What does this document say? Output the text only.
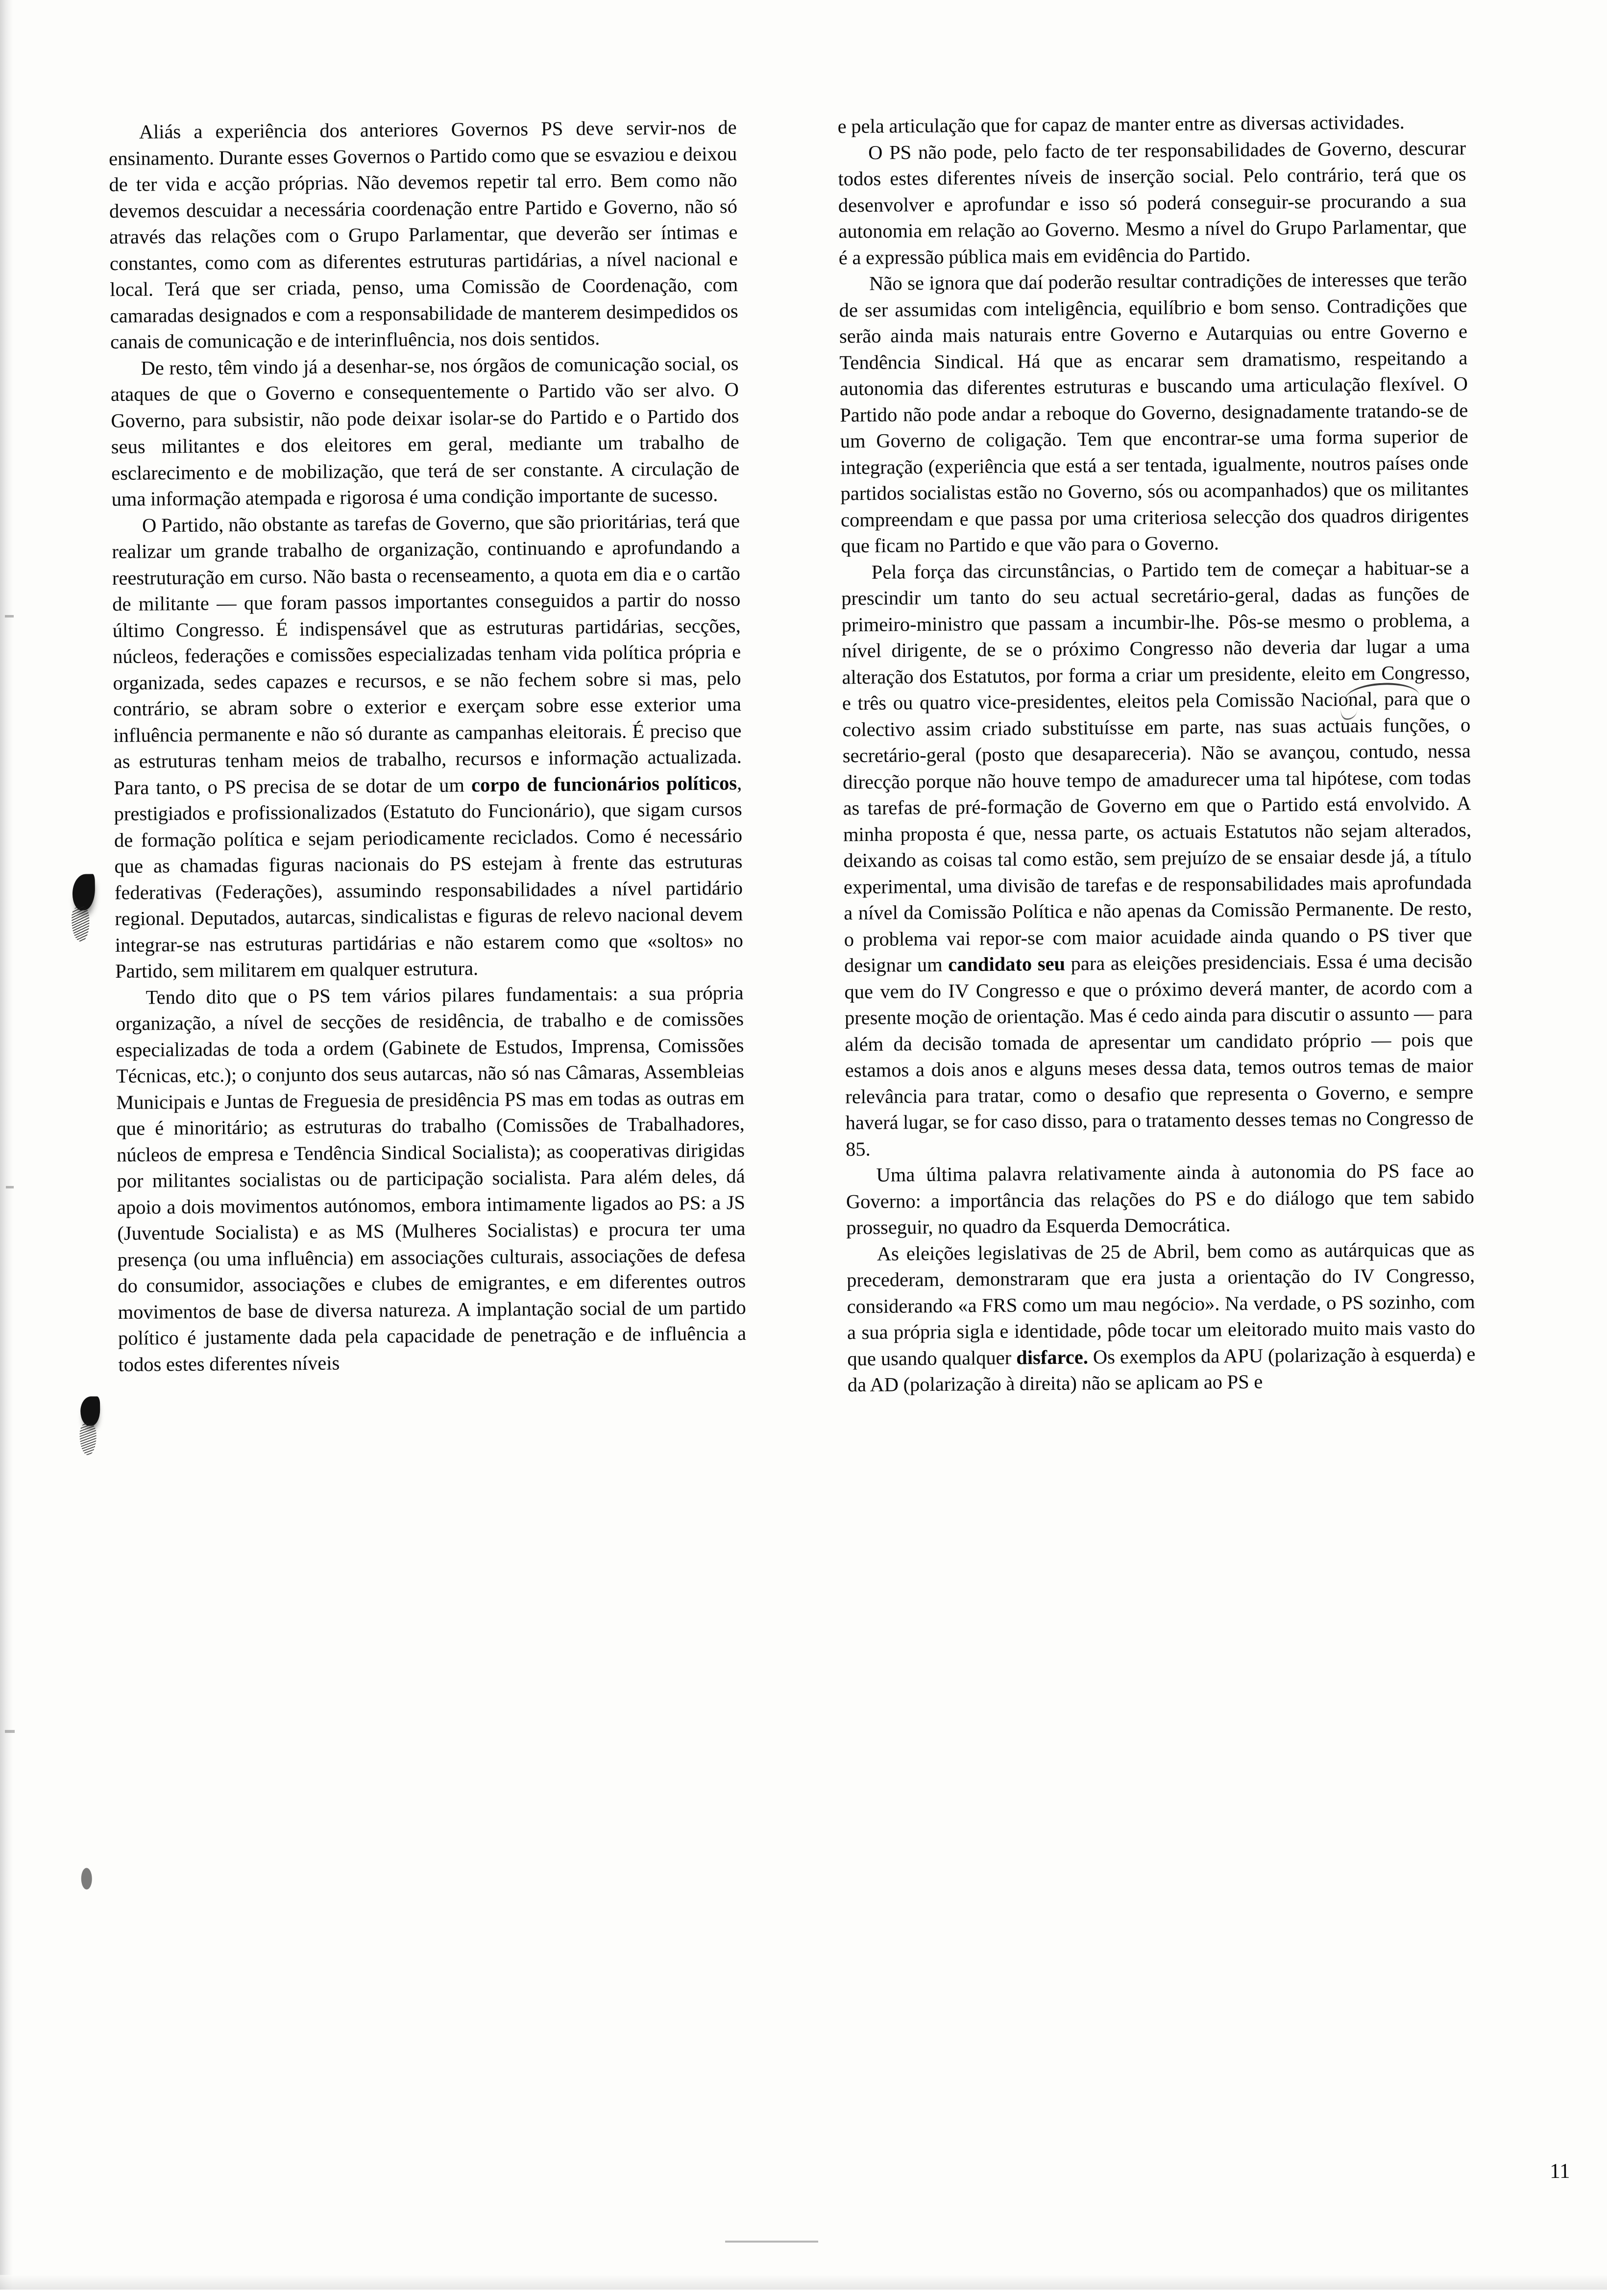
Aliás a experiência dos anteriores Governos PS deve servir-nos de ensinamento. Durante esses Governos o Partido como que se esvaziou e deixou de ter vida e acção próprias. Não devemos repetir tal erro. Bem como não devemos descuidar a necessária coordenação entre Partido e Governo, não só através das relações com o Grupo Parlamentar, que deverão ser íntimas e constantes, como com as diferentes estruturas partidárias, a nível nacional e local. Terá que ser criada, penso, uma Comissão de Coordenação, com camaradas designados e com a responsabilidade de manterem desimpedidos os canais de comunicação e de interinfluência, nos dois sentidos.

De resto, têm vindo já a desenhar-se, nos órgãos de comunicação social, os ataques de que o Governo e consequentemente o Partido vão ser alvo. O Governo, para subsistir, não pode deixar isolar-se do Partido e o Partido dos seus militantes e dos eleitores em geral, mediante um trabalho de esclarecimento e de mobilização, que terá de ser constante. A circulação de uma informação atempada e rigorosa é uma condição importante de sucesso.

O Partido, não obstante as tarefas de Governo, que são prioritárias, terá que realizar um grande trabalho de organização, continuando e aprofundando a reestruturação em curso. Não basta o recenseamento, a quota em dia e o cartão de militante — que foram passos importantes conseguidos a partir do nosso último Congresso. É indispensável que as estruturas partidárias, secções, núcleos, federações e comissões especializadas tenham vida política própria e organizada, sedes capazes e recursos, e se não fechem sobre si mas, pelo contrário, se abram sobre o exterior e exerçam sobre esse exterior uma influência permanente e não só durante as campanhas eleitorais. É preciso que as estruturas tenham meios de trabalho, recursos e informação actualizada. Para tanto, o PS precisa de se dotar de um corpo de funcionários políticos, prestigiados e profissionalizados (Estatuto do Funcionário), que sigam cursos de formação política e sejam periodicamente reciclados. Como é necessário que as chamadas figuras nacionais do PS estejam à frente das estruturas federativas (Federações), assumindo responsabilidades a nível partidário regional. Deputados, autarcas, sindicalistas e figuras de relevo nacional devem integrar-se nas estruturas partidárias e não estarem como que «soltos» no Partido, sem militarem em qualquer estrutura.

Tendo dito que o PS tem vários pilares fundamentais: a sua própria organização, a nível de secções de residência, de trabalho e de comissões especializadas de toda a ordem (Gabinete de Estudos, Imprensa, Comissões Técnicas, etc.); o conjunto dos seus autarcas, não só nas Câmaras, Assembleias Municipais e Juntas de Freguesia de presidência PS mas em todas as outras em que é minoritário; as estruturas do trabalho (Comissões de Trabalhadores, núcleos de empresa e Tendência Sindical Socialista); as cooperativas dirigidas por militantes socialistas ou de participação socialista. Para além deles, dá apoio a dois movimentos autónomos, embora intimamente ligados ao PS: a JS (Juventude Socialista) e as MS (Mulheres Socialistas) e procura ter uma presença (ou uma influência) em associações culturais, associações de defesa do consumidor, associações e clubes de emigrantes, e em diferentes outros movimentos de base de diversa natureza. A implantação social de um partido político é justamente dada pela capacidade de penetração e de influência a todos estes diferentes níveis

e pela articulação que for capaz de manter entre as diversas actividades.

O PS não pode, pelo facto de ter responsabilidades de Governo, descurar todos estes diferentes níveis de inserção social. Pelo contrário, terá que os desenvolver e aprofundar e isso só poderá conseguir-se procurando a sua autonomia em relação ao Governo. Mesmo a nível do Grupo Parlamentar, que é a expressão pública mais em evidência do Partido.

Não se ignora que daí poderão resultar contradições de interesses que terão de ser assumidas com inteligência, equilíbrio e bom senso. Contradições que serão ainda mais naturais entre Governo e Autarquias ou entre Governo e Tendência Sindical. Há que as encarar sem dramatismo, respeitando a autonomia das diferentes estruturas e buscando uma articulação flexível. O Partido não pode andar a reboque do Governo, designadamente tratando-se de um Governo de coligação. Tem que encontrar-se uma forma superior de integração (experiência que está a ser tentada, igualmente, noutros países onde partidos socialistas estão no Governo, sós ou acompanhados) que os militantes compreendam e que passa por uma criteriosa selecção dos quadros dirigentes que ficam no Partido e que vão para o Governo.

Pela força das circunstâncias, o Partido tem de começar a habituar-se a prescindir um tanto do seu actual secretário-geral, dadas as funções de primeiro-ministro que passam a incumbir-lhe. Pôs-se mesmo o problema, a nível dirigente, de se o próximo Congresso não deveria dar lugar a uma alteração dos Estatutos, por forma a criar um presidente, eleito em Congresso, e três ou quatro vice-presidentes, eleitos pela Comissão Nacional, para que o colectivo assim criado substituísse em parte, nas suas actuais funções, o secretário-geral (posto que desapareceria). Não se avançou, contudo, nessa direcção porque não houve tempo de amadurecer uma tal hipótese, com todas as tarefas de pré-formação de Governo em que o Partido está envolvido. A minha proposta é que, nessa parte, os actuais Estatutos não sejam alterados, deixando as coisas tal como estão, sem prejuízo de se ensaiar desde já, a título experimental, uma divisão de tarefas e de responsabilidades mais aprofundada a nível da Comissão Política e não apenas da Comissão Permanente. De resto, o problema vai repor-se com maior acuidade ainda quando o PS tiver que designar um candidato seu para as eleições presidenciais. Essa é uma decisão que vem do IV Congresso e que o próximo deverá manter, de acordo com a presente moção de orientação. Mas é cedo ainda para discutir o assunto — para além da decisão tomada de apresentar um candidato próprio — pois que estamos a dois anos e alguns meses dessa data, temos outros temas de maior relevância para tratar, como o desafio que representa o Governo, e sempre haverá lugar, se for caso disso, para o tratamento desses temas no Congresso de 85.

Uma última palavra relativamente ainda à autonomia do PS face ao Governo: a importância das relações do PS e do diálogo que tem sabido prosseguir, no quadro da Esquerda Democrática.

As eleições legislativas de 25 de Abril, bem como as autárquicas que as precederam, demonstraram que era justa a orientação do IV Congresso, considerando «a FRS como um mau negócio». Na verdade, o PS sozinho, com a sua própria sigla e identidade, pôde tocar um eleitorado muito mais vasto do que usando qualquer disfarce. Os exemplos da APU (polarização à esquerda) e da AD (polarização à direita) não se aplicam ao PS e

11
